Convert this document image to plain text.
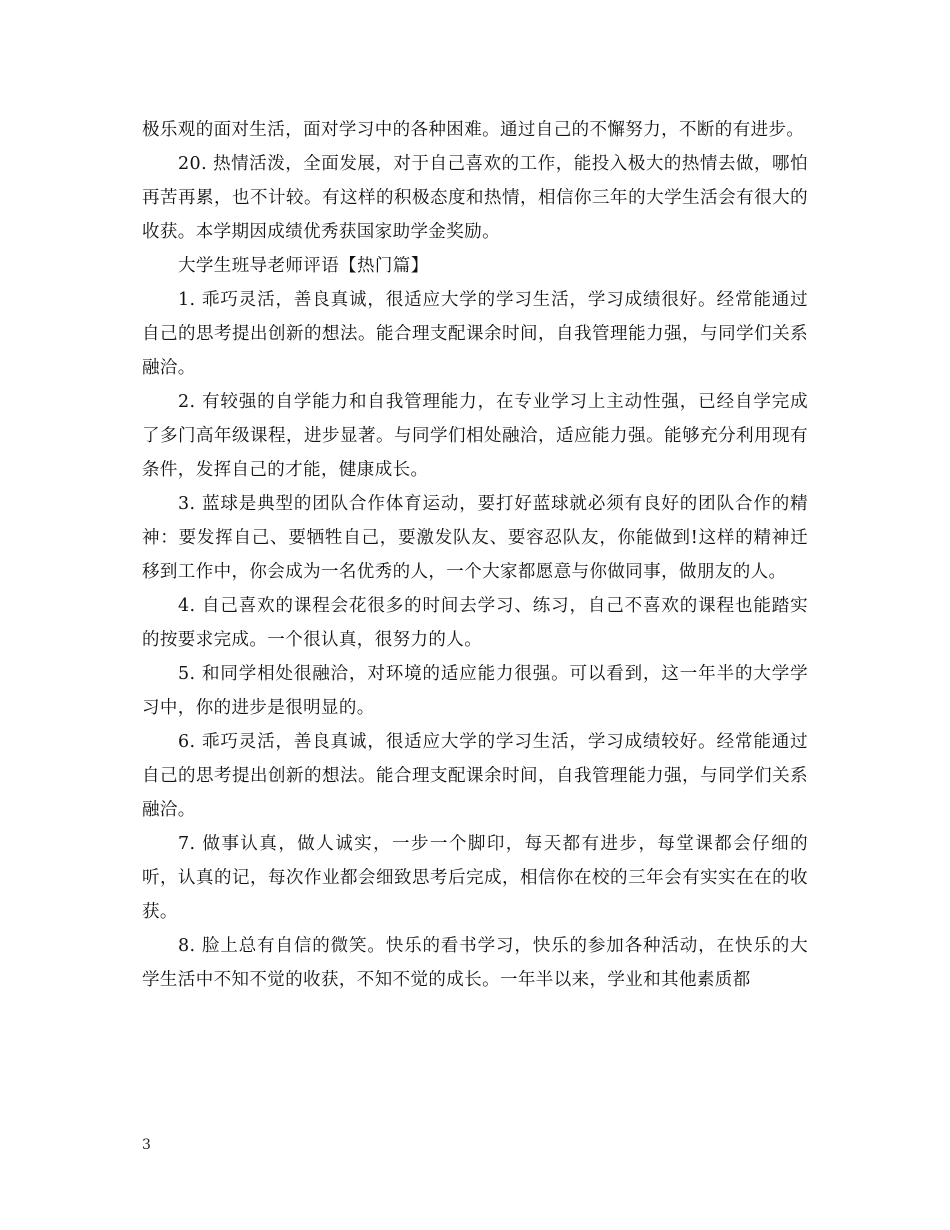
极乐观的面对生活，面对学习中的各种困难。通过自己的不懈努力，不断的有进步。

20. 热情活泼，全面发展，对于自己喜欢的工作，能投入极大的热情去做，哪怕再苦再累，也不计较。有这样的积极态度和热情，相信你三年的大学生活会有很大的收获。本学期因成绩优秀获国家助学金奖励。

大学生班导老师评语【热门篇】

1. 乖巧灵活，善良真诚，很适应大学的学习生活，学习成绩很好。经常能通过自己的思考提出创新的想法。能合理支配课余时间，自我管理能力强，与同学们关系融洽。

2. 有较强的自学能力和自我管理能力，在专业学习上主动性强，已经自学完成了多门高年级课程，进步显著。与同学们相处融洽，适应能力强。能够充分利用现有条件，发挥自己的才能，健康成长。

3. 蓝球是典型的团队合作体育运动，要打好蓝球就必须有良好的团队合作的精神：要发挥自己、要牺牲自己，要激发队友、要容忍队友，你能做到!这样的精神迁移到工作中，你会成为一名优秀的人，一个大家都愿意与你做同事，做朋友的人。

4. 自己喜欢的课程会花很多的时间去学习、练习，自己不喜欢的课程也能踏实的按要求完成。一个很认真，很努力的人。

5. 和同学相处很融洽，对环境的适应能力很强。可以看到，这一年半的大学学习中，你的进步是很明显的。

6. 乖巧灵活，善良真诚，很适应大学的学习生活，学习成绩较好。经常能通过自己的思考提出创新的想法。能合理支配课余时间，自我管理能力强，与同学们关系融洽。

7. 做事认真，做人诚实，一步一个脚印，每天都有进步，每堂课都会仔细的听，认真的记，每次作业都会细致思考后完成，相信你在校的三年会有实实在在的收获。

8. 脸上总有自信的微笑。快乐的看书学习，快乐的参加各种活动，在快乐的大学生活中不知不觉的收获，不知不觉的成长。一年半以来，学业和其他素质都

3
